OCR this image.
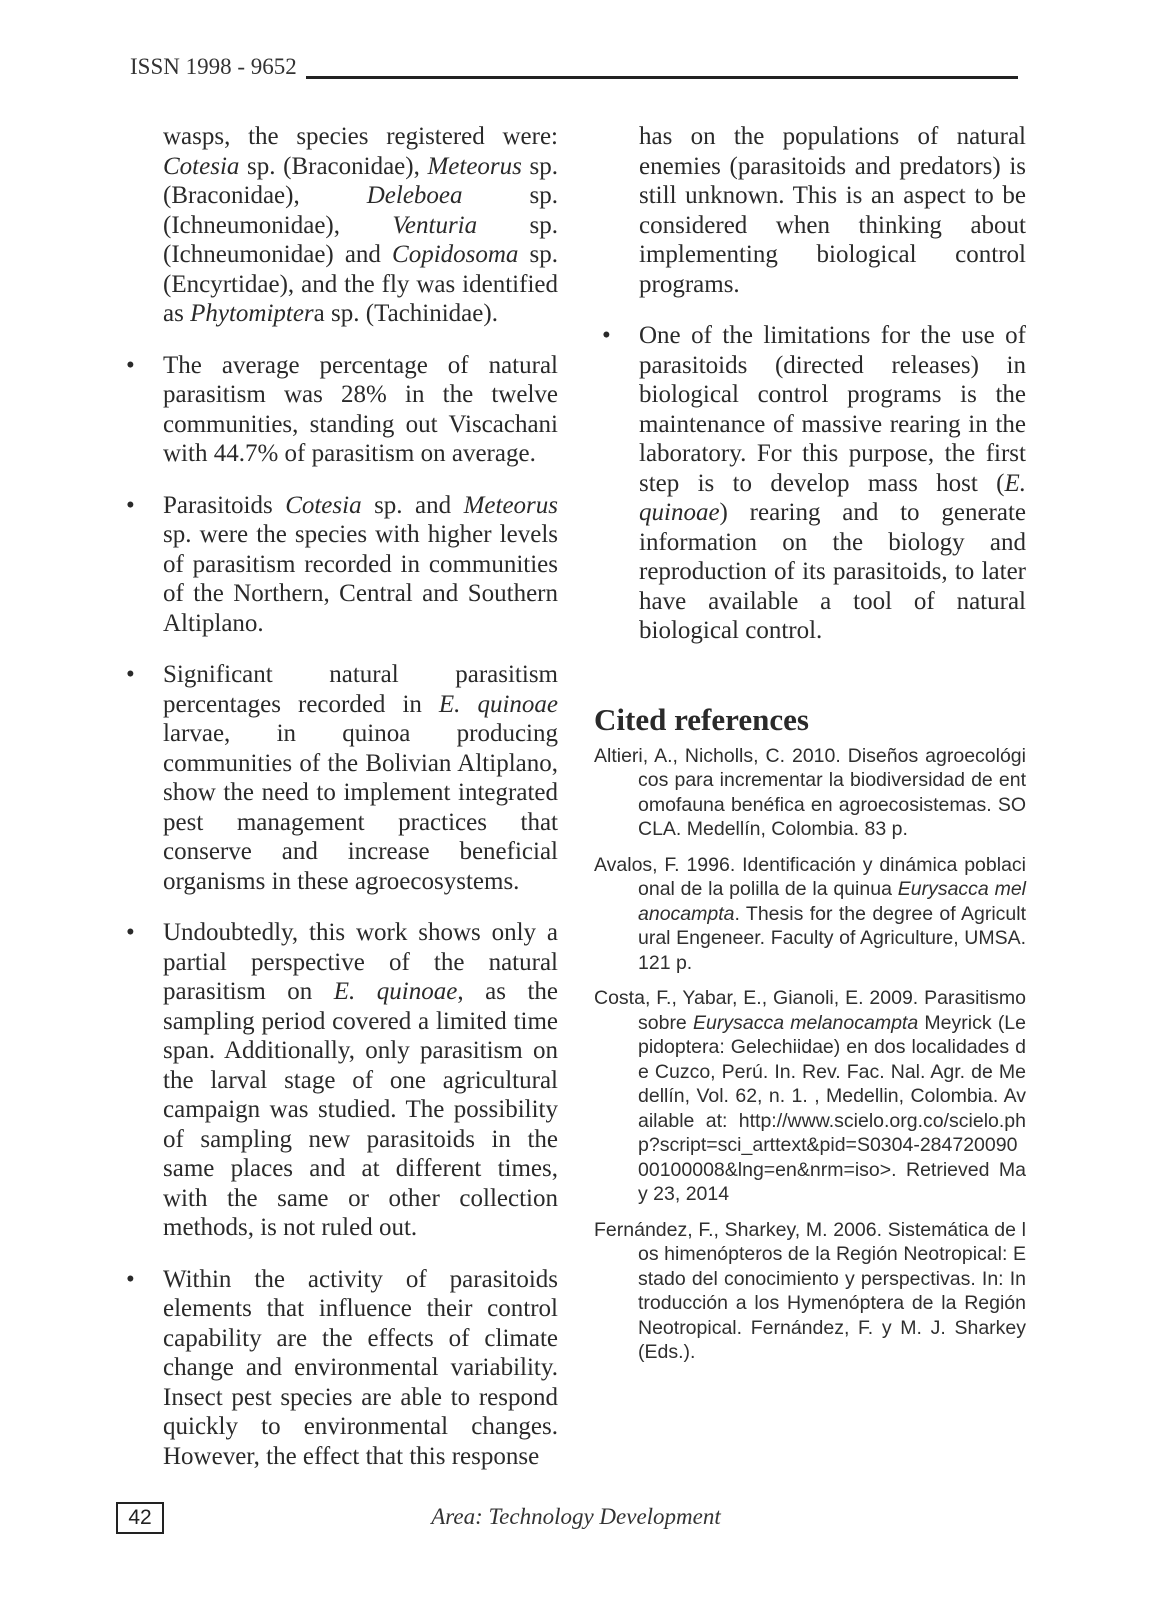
ISSN 1998 - 9652

wasps, the species registered were: Cotesia sp. (Braconidae), Meteorus sp. (Braconidae), Deleboea sp. (Ichneumonidae), Venturia sp. (Ichneumonidae) and Copidosoma sp. (Encyrtidae), and the fly was identified as Phytomiptera sp. (Tachinidae).

• The average percentage of natural parasitism was 28% in the twelve communities, standing out Viscachani with 44.7% of parasitism on average.
• Parasitoids Cotesia sp. and Meteorus sp. were the species with higher levels of parasitism recorded in communities of the Northern, Central and Southern Altiplano.
• Significant natural parasitism percentages recorded in E. quinoae larvae, in quinoa producing communities of the Bolivian Altiplano, show the need to implement integrated pest management practices that conserve and increase beneficial organisms in these agroecosystems.
• Undoubtedly, this work shows only a partial perspective of the natural parasitism on E. quinoae, as the sampling period covered a limited time span. Additionally, only parasitism on the larval stage of one agricultural campaign was studied. The possibility of sampling new parasitoids in the same places and at different times, with the same or other collection methods, is not ruled out.
• Within the activity of parasitoids elements that influence their control capability are the effects of climate change and environmental variability. Insect pest species are able to respond quickly to environmental changes. However, the effect that this response

has on the populations of natural enemies (parasitoids and predators) is still unknown. This is an aspect to be considered when thinking about implementing biological control programs.

• One of the limitations for the use of parasitoids (directed releases) in biological control programs is the maintenance of massive rearing in the laboratory. For this purpose, the first step is to develop mass host (E. quinoae) rearing and to generate information on the biology and reproduction of its parasitoids, to later have available a tool of natural biological control.
Cited references

Altieri, A., Nicholls, C. 2010. Diseños agroecológicos para incrementar la biodiversidad de entomofauna benéfica en agroecosistemas. SOCLA. Medellín, Colombia. 83 p.

Avalos, F. 1996. Identificación y dinámica poblacional de la polilla de la quinua Eurysacca melanocampta. Thesis for the degree of Agricultural Engeneer. Faculty of Agriculture, UMSA. 121 p.

Costa, F., Yabar, E., Gianoli, E. 2009. Parasitismo sobre Eurysacca melanocampta Meyrick (Lepidoptera: Gelechiidae) en dos localidades de Cuzco, Perú. In. Rev. Fac. Nal. Agr. de Medellín, Vol. 62, n. 1. , Medellin, Colombia. Available at: http://www.scielo.org.co/scielo.php?script=sci_arttext&pid=S0304-28472009000100008&lng=en&nrm=iso>. Retrieved May 23, 2014

Fernández, F., Sharkey, M. 2006. Sistemática de los himenópteros de la Región Neotropical: Estado del conocimiento y perspectivas. In: Introducción a los Hymenóptera de la Región Neotropical. Fernández, F. y M. J. Sharkey (Eds.).

42	Area: Technology Development
